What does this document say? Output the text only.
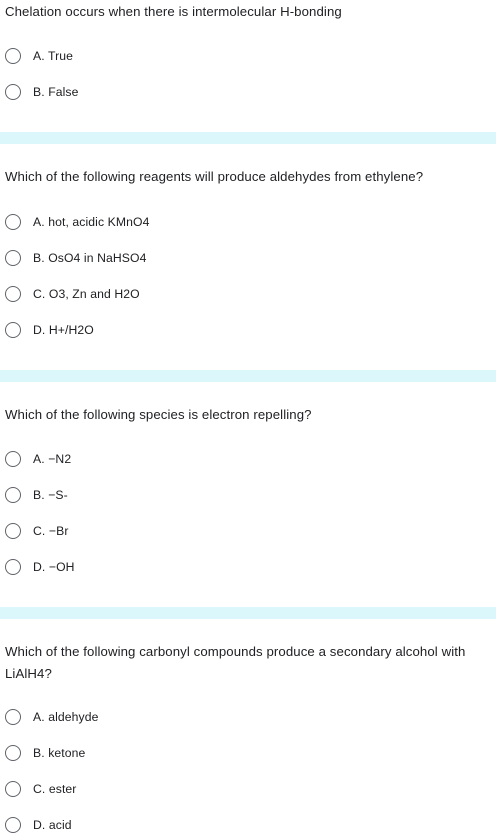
Chelation occurs when there is intermolecular H-bonding
A. True
B. False
Which of the following reagents will produce aldehydes from ethylene?
A. hot, acidic KMnO4
B. OsO4 in NaHSO4
C. O3, Zn and H2O
D. H+/H2O
Which of the following species is electron repelling?
A. −N2
B. −S-
C. −Br
D. −OH
Which of the following carbonyl compounds produce a secondary alcohol with LiAlH4?
A. aldehyde
B. ketone
C. ester
D. acid
